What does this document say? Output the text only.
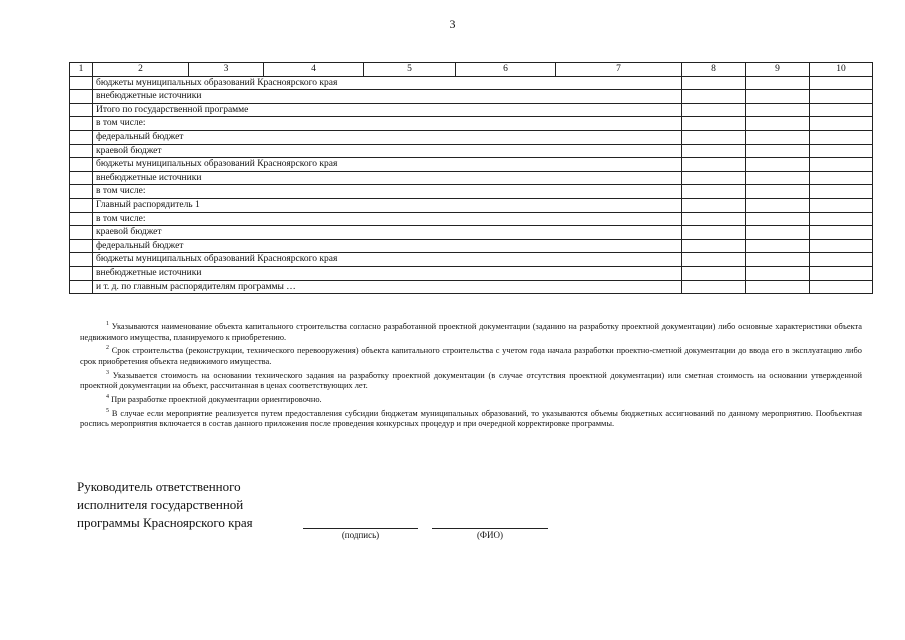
3
1	2	3	4	5	6	7	8	9	10
	бюджеты муниципальных образований Красноярского края								
	внебюджетные источники								
	Итого по государственной программе								
	в том числе:								
	федеральный бюджет								
	краевой бюджет								
	бюджеты муниципальных образований Красноярского края								
	внебюджетные источники								
	в том числе:								
	Главный распорядитель 1								
	в том числе:								
	краевой бюджет								
	федеральный бюджет								
	бюджеты муниципальных образований Красноярского края								
	внебюджетные источники								
	и т. д. по главным распорядителям программы …								

$^1$ Указываются наименование объекта капитального строительства согласно разработанной проектной документации (заданию на разработку проектной документации) либо основные характеристики объекта недвижимого имущества, планируемого к приобретению.

$^2$ Срок строительства (реконструкции, технического перевооружения) объекта капитального строительства с учетом года начала разработки проектно-сметной документации до ввода его в эксплуатацию либо срок приобретения объекта недвижимого имущества.

$^3$ Указывается стоимость на основании технического задания на разработку проектной документации (в случае отсутствия проектной документации) или сметная стоимость на основании утвержденной проектной документации на объект, рассчитанная в ценах соответствующих лет.

$^4$ При разработке проектной документации ориентировочно.

$^5$ В случае если мероприятие реализуется путем предоставления субсидии бюджетам муниципальных образований, то указываются объемы бюджетных ассигнований по данному мероприятию. Пообъектная роспись мероприятия включается в состав данного приложения после проведения конкурсных процедур и при очередной корректировке программы.

Руководитель ответственного
исполнителя государственной
программы Красноярского края
(подпись)	(ФИО)
